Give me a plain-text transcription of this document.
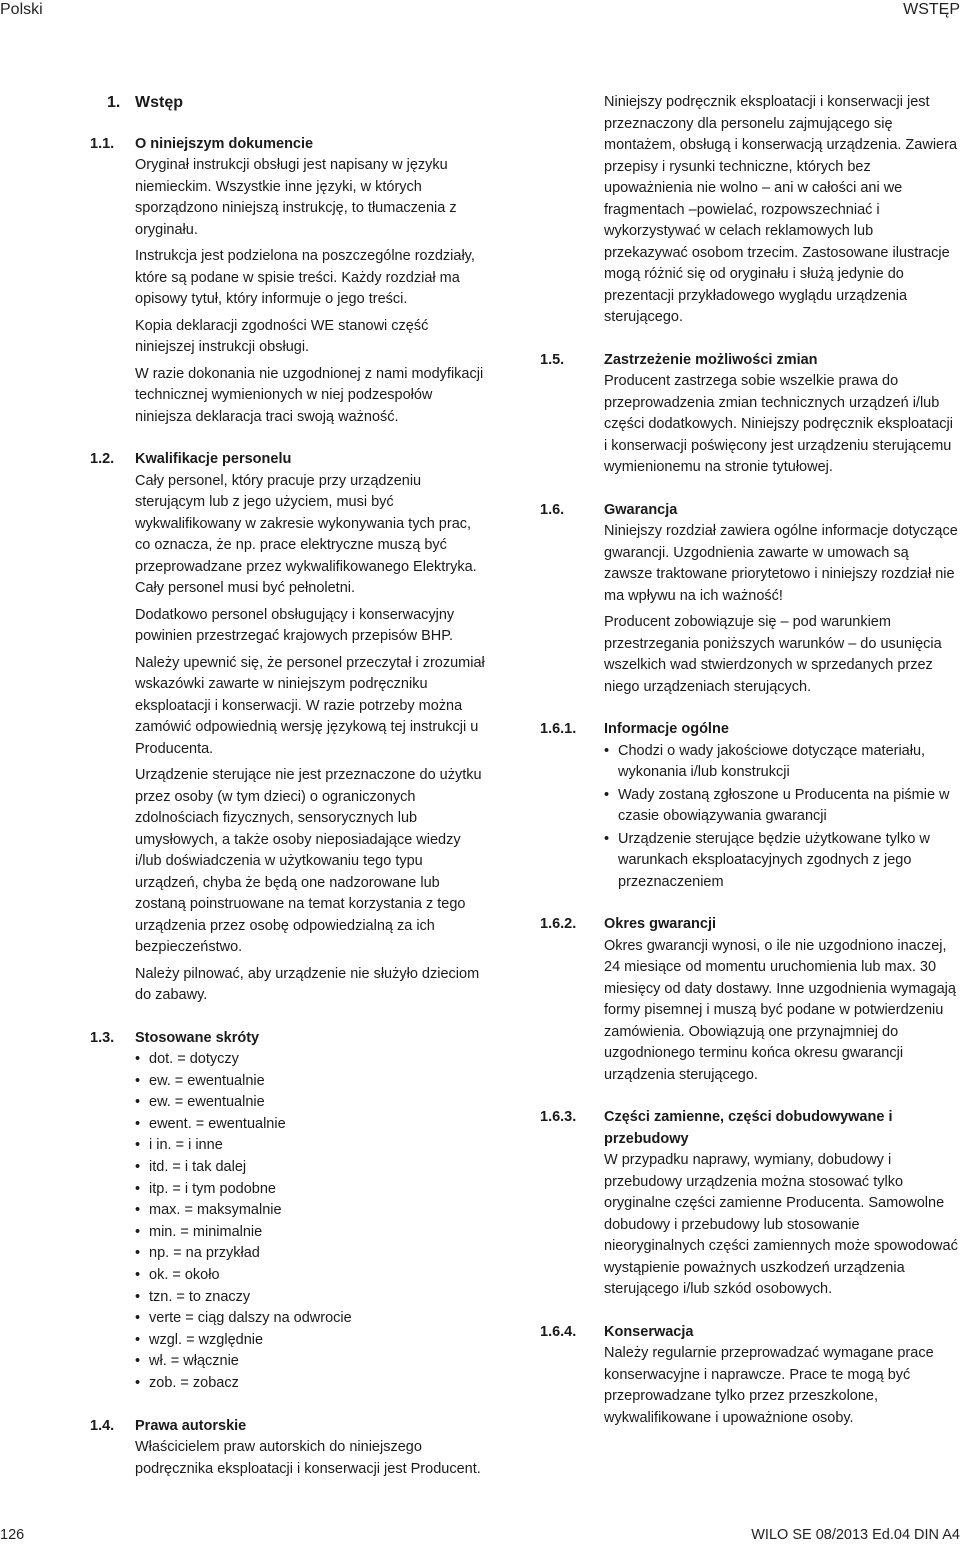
Polski	WSTĘP
1. Wstęp
1.1. O niniejszym dokumencie

Oryginał instrukcji obsługi jest napisany w języku niemieckim. Wszystkie inne języki, w których sporządzono niniejszą instrukcję, to tłumaczenia z oryginału.

Instrukcja jest podzielona na poszczególne rozdziały, które są podane w spisie treści. Każdy rozdział ma opisowy tytuł, który informuje o jego treści.

Kopia deklaracji zgodności WE stanowi część niniejszej instrukcji obsługi.

W razie dokonania nie uzgodnionej z nami modyfikacji technicznej wymienionych w niej podzespołów niniejsza deklaracja traci swoją ważność.

1.2. Kwalifikacje personelu

Cały personel, który pracuje przy urządzeniu sterującym lub z jego użyciem, musi być wykwalifikowany w zakresie wykonywania tych prac, co oznacza, że np. prace elektryczne muszą być przeprowadzane przez wykwalifikowanego Elektryka. Cały personel musi być pełnoletni.

Dodatkowo personel obsługujący i konserwacyjny powinien przestrzegać krajowych przepisów BHP.

Należy upewnić się, że personel przeczytał i zrozumiał wskazówki zawarte w niniejszym podręczniku eksploatacji i konserwacji. W razie potrzeby można zamówić odpowiednią wersję językową tej instrukcji u Producenta.

Urządzenie sterujące nie jest przeznaczone do użytku przez osoby (w tym dzieci) o ograniczonych zdolnościach fizycznych, sensorycznych lub umysłowych, a także osoby nieposiadające wiedzy i/lub doświadczenia w użytkowaniu tego typu urządzeń, chyba że będą one nadzorowane lub zostaną poinstruowane na temat korzystania z tego urządzenia przez osobę odpowiedzialną za ich bezpieczeństwo.

Należy pilnować, aby urządzenie nie służyło dzieciom do zabawy.

1.3. Stosowane skróty
• dot. = dotyczy
• ew. = ewentualnie
• ew. = ewentualnie
• ewent. = ewentualnie
• i in. = i inne
• itd. = i tak dalej
• itp. = i tym podobne
• max. = maksymalnie
• min. = minimalnie
• np. = na przykład
• ok. = około
• tzn. = to znaczy
• verte = ciąg dalszy na odwrocie
• wzgl. = względnie
• wł. = włącznie
• zob. = zobacz
1.4. Prawa autorskie

Właścicielem praw autorskich do niniejszego podręcznika eksploatacji i konserwacji jest Producent.

Niniejszy podręcznik eksploatacji i konserwacji jest przeznaczony dla personelu zajmującego się montażem, obsługą i konserwacją urządzenia. Zawiera przepisy i rysunki techniczne, których bez upoważnienia nie wolno – ani w całości ani we fragmentach –powielać, rozpowszechniać i wykorzystywać w celach reklamowych lub przekazywać osobom trzecim. Zastosowane ilustracje mogą różnić się od oryginału i służą jedynie do prezentacji przykładowego wyglądu urządzenia sterującego.

1.5.	Zastrzeżenie możliwości zmian

Producent zastrzega sobie wszelkie prawa do przeprowadzenia zmian technicznych urządzeń i/lub części dodatkowych. Niniejszy podręcznik eksploatacji i konserwacji poświęcony jest urządzeniu sterującemu wymienionemu na stronie tytułowej.

1.6.	Gwarancja

Niniejszy rozdział zawiera ogólne informacje dotyczące gwarancji. Uzgodnienia zawarte w umowach są zawsze traktowane priorytetowo i niniejszy rozdział nie ma wpływu na ich ważność!

Producent zobowiązuje się – pod warunkiem przestrzegania poniższych warunków – do usunięcia wszelkich wad stwierdzonych w sprzedanych przez niego urządzeniach sterujących.

1.6.1. Informacje ogólne
• Chodzi o wady jakościowe dotyczące materiału, wykonania i/lub konstrukcji
• Wady zostaną zgłoszone u Producenta na piśmie w czasie obowiązywania gwarancji
• Urządzenie sterujące będzie użytkowane tylko w warunkach eksploatacyjnych zgodnych z jego przeznaczeniem
1.6.2. Okres gwarancji

Okres gwarancji wynosi, o ile nie uzgodniono inaczej, 24 miesiące od momentu uruchomienia lub max. 30 miesięcy od daty dostawy. Inne uzgodnienia wymagają formy pisemnej i muszą być podane w potwierdzeniu zamówienia. Obowiązują one przynajmniej do uzgodnionego terminu końca okresu gwarancji urządzenia sterującego.

1.6.3. Części zamienne, części dobudowywane i przebudowy

W przypadku naprawy, wymiany, dobudowy i przebudowy urządzenia można stosować tylko oryginalne części zamienne Producenta. Samowolne dobudowy i przebudowy lub stosowanie nieoryginalnych części zamiennych może spowodować wystąpienie poważnych uszkodzeń urządzenia sterującego i/lub szkód osobowych.

1.6.4. Konserwacja

Należy regularnie przeprowadzać wymagane prace konserwacyjne i naprawcze. Prace te mogą być przeprowadzane tylko przez przeszkolone, wykwalifikowane i upoważnione osoby.

126	WILO SE 08/2013 Ed.04 DIN A4
